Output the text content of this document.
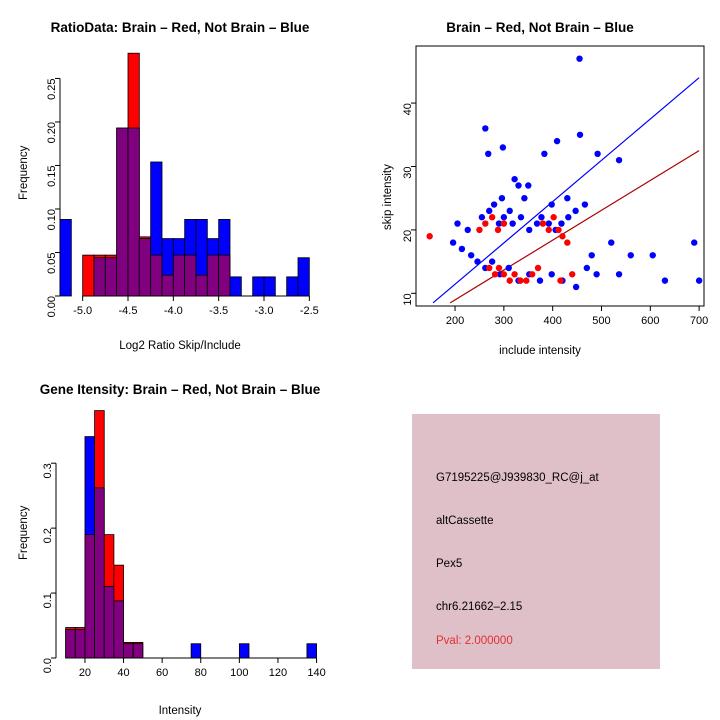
RatioData: Brain – Red, Not Brain – Blue
-5.0 -4.5 -4.0 -3.5 -3.0 -2.5
0.00
0.05
0.10
0.15
0.20
0.25
Log2 Ratio Skip/Include
Frequency
Brain – Red, Not Brain – Blue
200	300	400	500	600	700
10
20
30
40
include intensity
skip intensity
Gene Itensity: Brain – Red, Not Brain – Blue
20 40 60 80 100 120 140
0.0
0.1
0.2
0.3
Intensity
Frequency
G7195225@J939830_RC@j_at
altCassette
Pex5
chr6.21662–2.15
Pval: 2.000000
